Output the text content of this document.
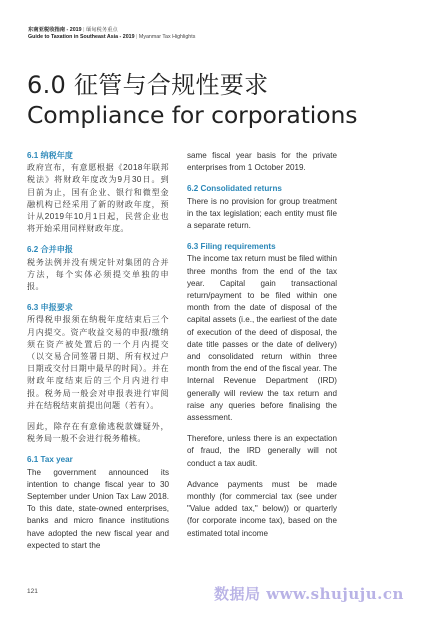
东南亚税收指南 - 2019 | 缅甸税务重点
Guide to Taxation in Southeast Asia - 2019 | Myanmar Tax Highlights
6.0 征管与合规性要求
Compliance for corporations
6.1 纳税年度

政府宣布，有意愿根据《2018年联邦税法》将财政年度改为9月30日。到目前为止，国有企业、银行和微型金融机构已经采用了新的财政年度，预计从2019年10月1日起，民营企业也将开始采用同样财政年度。

6.2 合并申报

税务法例并没有规定针对集团的合并方法，每个实体必须提交单独的申报。

6.3 申报要求

所得税申报须在纳税年度结束后三个月内提交。资产收益交易的申报/缴纳须在资产被处置后的一个月内提交（以交易合同签署日期、所有权过户日期或交付日期中最早的时间）。并在财政年度结束后的三个月内进行申报。税务局一般会对申报表进行审阅并在结税结束前提出问题（若有）。

因此，除存在有意偷逃税款嫌疑外，税务局一般不会进行税务稽核。

6.1 Tax year

The government announced its intention to change fiscal year to 30 September under Union Tax Law 2018. To this date, state-owned enterprises, banks and micro finance institutions have adopted the new fiscal year and expected to start the

same fiscal year basis for the private enterprises from 1 October 2019.

6.2 Consolidated returns

There is no provision for group treatment in the tax legislation; each entity must file a separate return.

6.3 Filing requirements

The income tax return must be filed within three months from the end of the tax year. Capital gain transactional return/payment to be filed within one month from the date of disposal of the capital assets (i.e., the earliest of the date of execution of the deed of disposal, the date title passes or the date of delivery) and consolidated return within three month from the end of the fiscal year. The Internal Revenue Department (IRD) generally will review the tax return and raise any queries before finalising the assessment.

Therefore, unless there is an expectation of fraud, the IRD generally will not conduct a tax audit.

Advance payments must be made monthly (for commercial tax (see under "Value added tax," below)) or quarterly (for corporate income tax), based on the estimated total income

121	数据局 www.shujuju.cn
